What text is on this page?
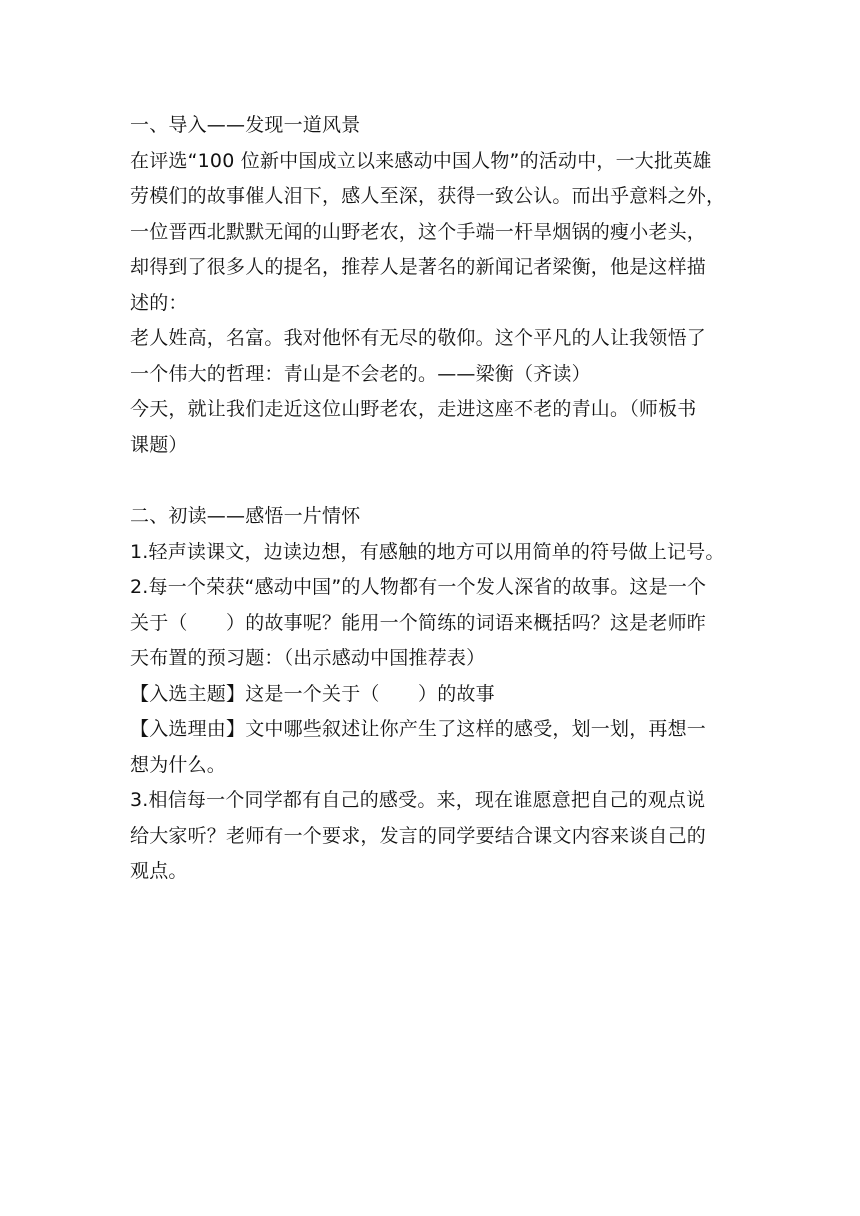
一、导入——发现一道风景
在评选“100 位新中国成立以来感动中国人物”的活动中，一大批英雄
劳模们的故事催人泪下，感人至深，获得一致公认。而出乎意料之外，
一位晋西北默默无闻的山野老农，这个手端一杆旱烟锅的瘦小老头，
却得到了很多人的提名，推荐人是著名的新闻记者梁衡，他是这样描
述的：
老人姓高，名富。我对他怀有无尽的敬仰。这个平凡的人让我领悟了
一个伟大的哲理：青山是不会老的。——梁衡（齐读）
今天，就让我们走近这位山野老农，走进这座不老的青山。（师板书
课题）
二、初读——感悟一片情怀
1.轻声读课文，边读边想，有感触的地方可以用简单的符号做上记号。
2.每一个荣获“感动中国”的人物都有一个发人深省的故事。这是一个
关于（　　）的故事呢？能用一个简练的词语来概括吗？这是老师昨
天布置的预习题：（出示感动中国推荐表）
【入选主题】这是一个关于（　　）的故事
【入选理由】文中哪些叙述让你产生了这样的感受，划一划，再想一
想为什么。
3.相信每一个同学都有自己的感受。来，现在谁愿意把自己的观点说
给大家听？老师有一个要求，发言的同学要结合课文内容来谈自己的
观点。
